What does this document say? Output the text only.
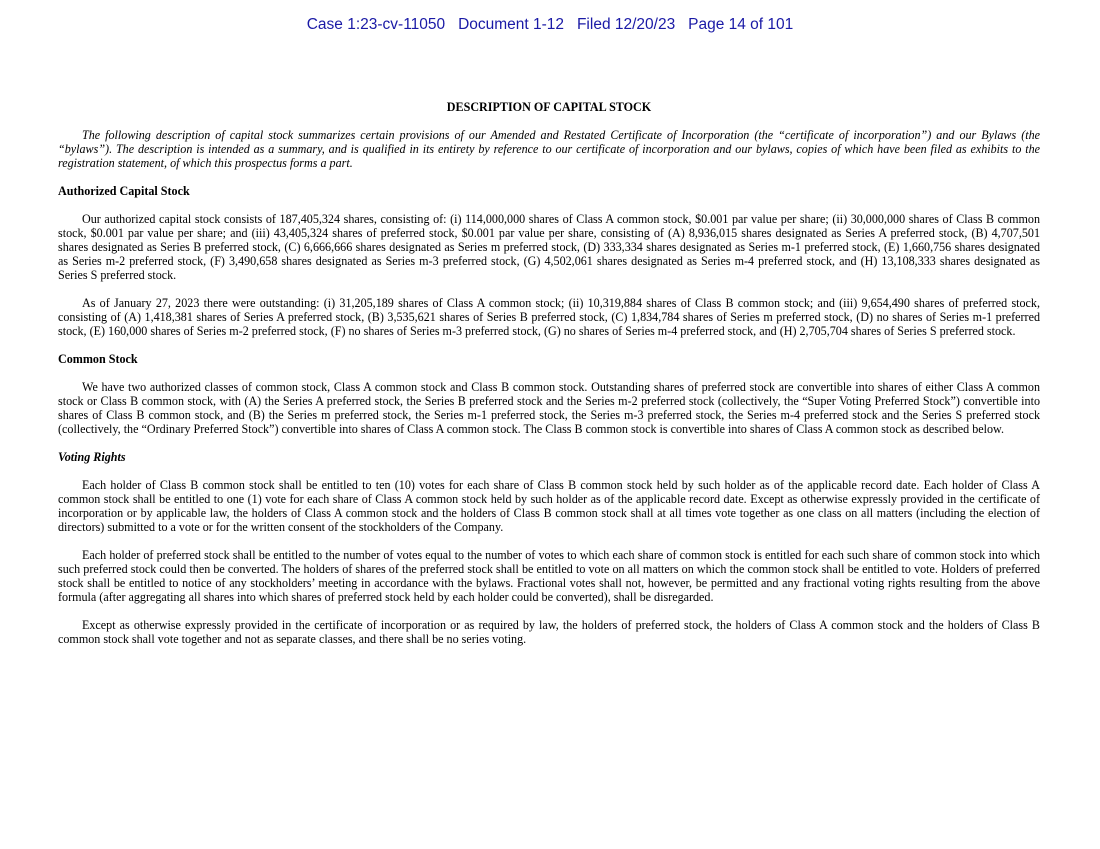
Case 1:23-cv-11050   Document 1-12   Filed 12/20/23   Page 14 of 101
DESCRIPTION OF CAPITAL STOCK

The following description of capital stock summarizes certain provisions of our Amended and Restated Certificate of Incorporation (the “certificate of incorporation”) and our Bylaws (the “bylaws”). The description is intended as a summary, and is qualified in its entirety by reference to our certificate of incorporation and our bylaws, copies of which have been filed as exhibits to the registration statement, of which this prospectus forms a part.

Authorized Capital Stock

Our authorized capital stock consists of 187,405,324 shares, consisting of: (i) 114,000,000 shares of Class A common stock, $0.001 par value per share; (ii) 30,000,000 shares of Class B common stock, $0.001 par value per share; and (iii) 43,405,324 shares of preferred stock, $0.001 par value per share, consisting of (A) 8,936,015 shares designated as Series A preferred stock, (B) 4,707,501 shares designated as Series B preferred stock, (C) 6,666,666 shares designated as Series m preferred stock, (D) 333,334 shares designated as Series m-1 preferred stock, (E) 1,660,756 shares designated as Series m-2 preferred stock, (F) 3,490,658 shares designated as Series m-3 preferred stock, (G) 4,502,061 shares designated as Series m-4 preferred stock, and (H) 13,108,333 shares designated as Series S preferred stock.

As of January 27, 2023 there were outstanding: (i) 31,205,189 shares of Class A common stock; (ii) 10,319,884 shares of Class B common stock; and (iii) 9,654,490 shares of preferred stock, consisting of (A) 1,418,381 shares of Series A preferred stock, (B) 3,535,621 shares of Series B preferred stock, (C) 1,834,784 shares of Series m preferred stock, (D) no shares of Series m-1 preferred stock, (E) 160,000 shares of Series m-2 preferred stock, (F) no shares of Series m-3 preferred stock, (G) no shares of Series m-4 preferred stock, and (H) 2,705,704 shares of Series S preferred stock.

Common Stock

We have two authorized classes of common stock, Class A common stock and Class B common stock. Outstanding shares of preferred stock are convertible into shares of either Class A common stock or Class B common stock, with (A) the Series A preferred stock, the Series B preferred stock and the Series m-2 preferred stock (collectively, the “Super Voting Preferred Stock”) convertible into shares of Class B common stock, and (B) the Series m preferred stock, the Series m-1 preferred stock, the Series m-3 preferred stock, the Series m-4 preferred stock and the Series S preferred stock (collectively, the “Ordinary Preferred Stock”) convertible into shares of Class A common stock. The Class B common stock is convertible into shares of Class A common stock as described below.

Voting Rights

Each holder of Class B common stock shall be entitled to ten (10) votes for each share of Class B common stock held by such holder as of the applicable record date. Each holder of Class A common stock shall be entitled to one (1) vote for each share of Class A common stock held by such holder as of the applicable record date. Except as otherwise expressly provided in the certificate of incorporation or by applicable law, the holders of Class A common stock and the holders of Class B common stock shall at all times vote together as one class on all matters (including the election of directors) submitted to a vote or for the written consent of the stockholders of the Company.

Each holder of preferred stock shall be entitled to the number of votes equal to the number of votes to which each share of common stock is entitled for each such share of common stock into which such preferred stock could then be converted. The holders of shares of the preferred stock shall be entitled to vote on all matters on which the common stock shall be entitled to vote. Holders of preferred stock shall be entitled to notice of any stockholders’ meeting in accordance with the bylaws. Fractional votes shall not, however, be permitted and any fractional voting rights resulting from the above formula (after aggregating all shares into which shares of preferred stock held by each holder could be converted), shall be disregarded.

Except as otherwise expressly provided in the certificate of incorporation or as required by law, the holders of preferred stock, the holders of Class A common stock and the holders of Class B common stock shall vote together and not as separate classes, and there shall be no series voting.
